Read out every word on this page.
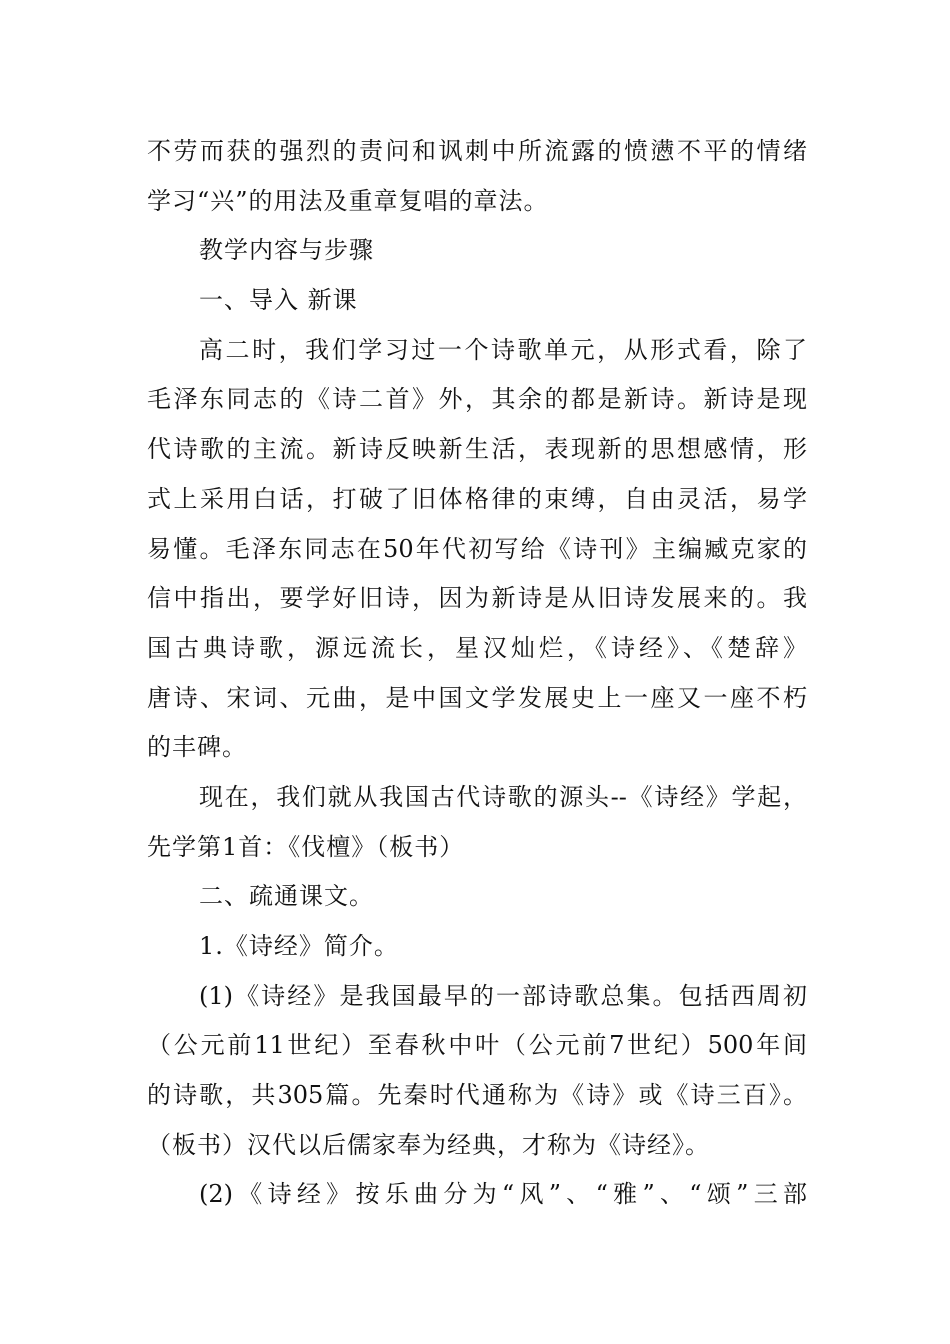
不劳而获的强烈的责问和讽刺中所流露的愤懑不平的情绪
学习“兴”的用法及重章复唱的章法。
教学内容与步骤
一、导入 新课
高二时，我们学习过一个诗歌单元，从形式看，除了
毛泽东同志的《诗二首》外，其余的都是新诗。新诗是现
代诗歌的主流。新诗反映新生活，表现新的思想感情，形
式上采用白话，打破了旧体格律的束缚，自由灵活，易学
易懂。毛泽东同志在50年代初写给《诗刊》主编臧克家的
信中指出，要学好旧诗，因为新诗是从旧诗发展来的。我
国古典诗歌，源远流长，星汉灿烂，《诗经》、《楚辞》
唐诗、宋词、元曲，是中国文学发展史上一座又一座不朽
的丰碑。
现在，我们就从我国古代诗歌的源头--《诗经》学起，
先学第1首：《伐檀》（板书）
二、疏通课文。
1.《诗经》简介。
(1)《诗经》是我国最早的一部诗歌总集。包括西周初
（公元前11世纪）至春秋中叶（公元前7世纪）500年间
的诗歌，共305篇。先秦时代通称为《诗》或《诗三百》。
（板书）汉代以后儒家奉为经典，才称为《诗经》。
(2)《诗经》按乐曲分为“风”、“雅”、“颂”三部
